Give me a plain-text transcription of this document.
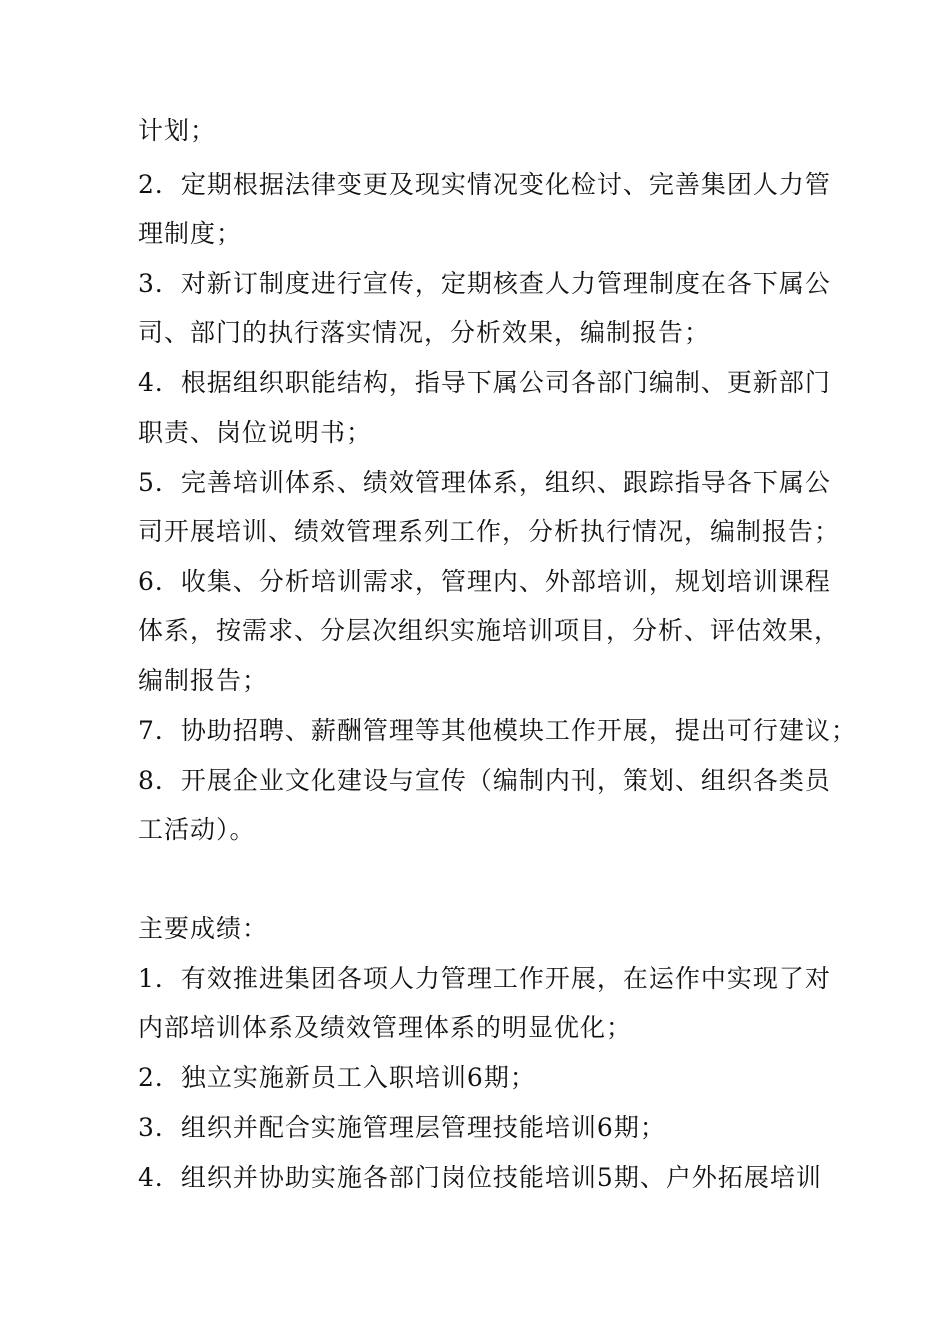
计划；
2．定期根据法律变更及现实情况变化检讨、完善集团人力管
理制度；
3．对新订制度进行宣传，定期核查人力管理制度在各下属公
司、部门的执行落实情况，分析效果，编制报告；
4．根据组织职能结构，指导下属公司各部门编制、更新部门
职责、岗位说明书；
5．完善培训体系、绩效管理体系，组织、跟踪指导各下属公
司开展培训、绩效管理系列工作，分析执行情况，编制报告；
6．收集、分析培训需求，管理内、外部培训，规划培训课程
体系，按需求、分层次组织实施培训项目，分析、评估效果，
编制报告；
7．协助招聘、薪酬管理等其他模块工作开展，提出可行建议；
8．开展企业文化建设与宣传（编制内刊，策划、组织各类员
工活动）。
主要成绩：
1．有效推进集团各项人力管理工作开展，在运作中实现了对
内部培训体系及绩效管理体系的明显优化；
2．独立实施新员工入职培训6期；
3．组织并配合实施管理层管理技能培训6期；
4．组织并协助实施各部门岗位技能培训5期、户外拓展培训
